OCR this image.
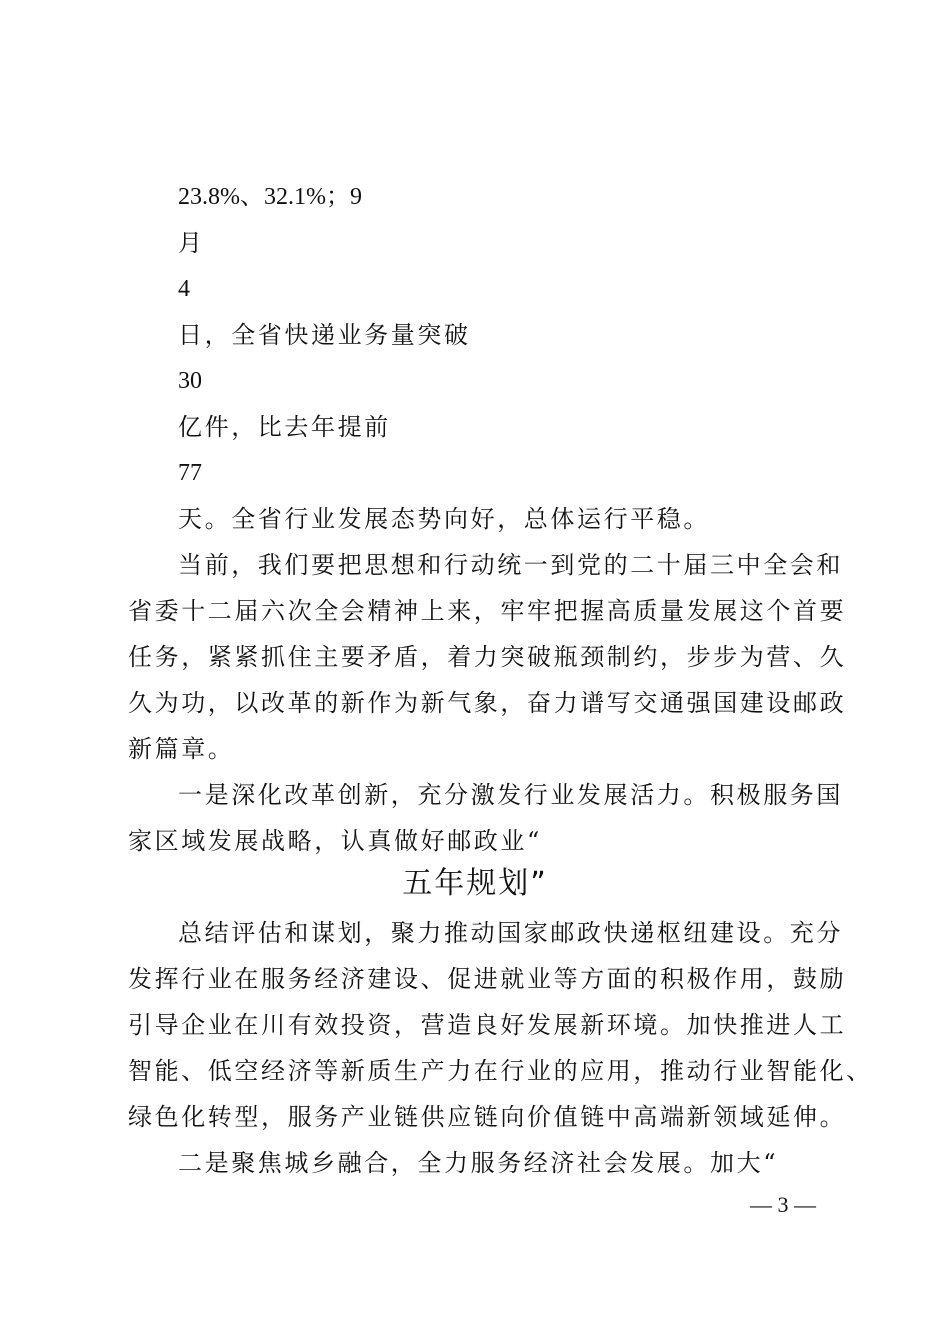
23.8%、32.1%；9
月
4
日，全省快递业务量突破
30
亿件，比去年提前
77
天。全省行业发展态势向好，总体运行平稳。
当前，我们要把思想和行动统一到党的二十届三中全会和
省委十二届六次全会精神上来，牢牢把握高质量发展这个首要
任务，紧紧抓住主要矛盾，着力突破瓶颈制约，步步为营、久
久为功，以改革的新作为新气象，奋力谱写交通强国建设邮政
新篇章。
一是深化改革创新，充分激发行业发展活力。积极服务国
家区域发展战略，认真做好邮政业“
五年规划”
总结评估和谋划，聚力推动国家邮政快递枢纽建设。充分
发挥行业在服务经济建设、促进就业等方面的积极作用，鼓励
引导企业在川有效投资，营造良好发展新环境。加快推进人工
智能、低空经济等新质生产力在行业的应用，推动行业智能化、
绿色化转型，服务产业链供应链向价值链中高端新领域延伸。
二是聚焦城乡融合，全力服务经济社会发展。加大“
— 3 —
